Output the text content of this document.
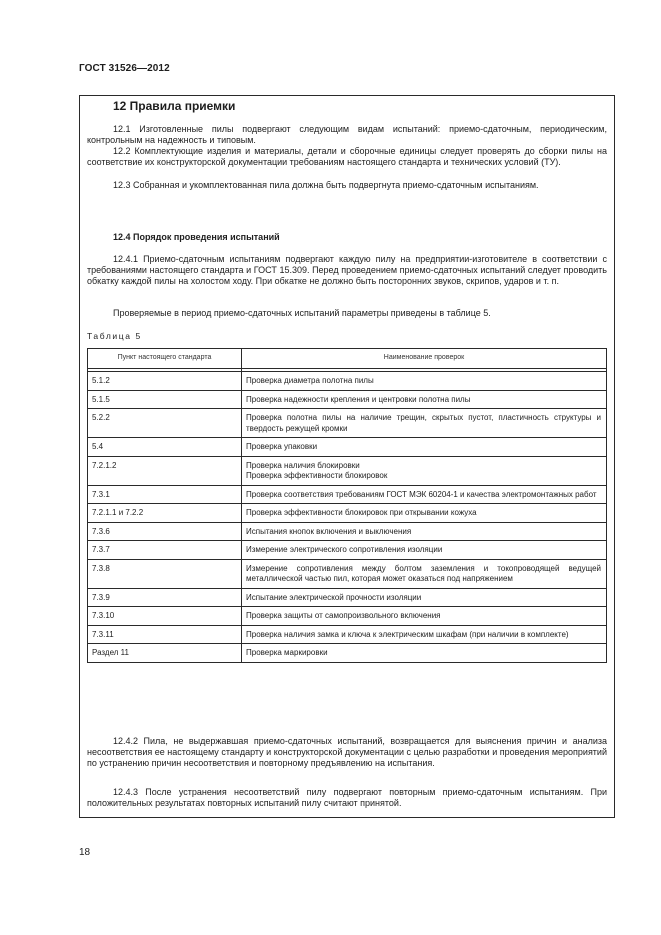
ГОСТ 31526—2012
12 Правила приемки

12.1 Изготовленные пилы подвергают следующим видам испытаний: приемо-сдаточным, периодическим, контрольным на надежность и типовым.

12.2 Комплектующие изделия и материалы, детали и сборочные единицы следует проверять до сборки пилы на соответствие их конструкторской документации требованиям настоящего стандарта и технических условий (ТУ).

12.3 Собранная и укомплектованная пила должна быть подвергнута приемо-сдаточным испытаниям.

12.4 Порядок проведения испытаний

12.4.1 Приемо-сдаточным испытаниям подвергают каждую пилу на предприятии-изготовителе в соответствии с требованиями настоящего стандарта и ГОСТ 15.309. Перед проведением приемо-сдаточных испытаний следует проводить обкатку каждой пилы на холостом ходу. При обкатке не должно быть посторонних звуков, скрипов, ударов и т. п.

Проверяемые в период приемо-сдаточных испытаний параметры приведены в таблице 5.

Таблица 5
Пункт настоящего стандарта	Наименование проверок

5.1.2	Проверка диаметра полотна пилы
5.1.5	Проверка надежности крепления и центровки полотна пилы
5.2.2	Проверка полотна пилы на наличие трещин, скрытых пустот, пластичность структуры и твердость режущей кромки
5.4	Проверка упаковки
7.2.1.2	Проверка наличия блокировки
Проверка эффективности блокировок
7.3.1	Проверка соответствия требованиям ГОСТ МЭК 60204-1 и качества электромонтажных работ
7.2.1.1 и 7.2.2	Проверка эффективности блокировок при открывании кожуха
7.3.6	Испытания кнопок включения и выключения
7.3.7	Измерение электрического сопротивления изоляции
7.3.8	Измерение сопротивления между болтом заземления и токопроводящей ведущей металлической частью пил, которая может оказаться под напряжением
7.3.9	Испытание электрической прочности изоляции
7.3.10	Проверка защиты от самопроизвольного включения
7.3.11	Проверка наличия замка и ключа к электрическим шкафам (при наличии в комплекте)
Раздел 11	Проверка маркировки

12.4.2 Пила, не выдержавшая приемо-сдаточных испытаний, возвращается для выяснения причин и анализа несоответствия ее настоящему стандарту и конструкторской документации с целью разработки и проведения мероприятий по устранению причин несоответствия и повторному предъявлению на испытания.

12.4.3 После устранения несоответствий пилу подвергают повторным приемо-сдаточным испытаниям. При положительных результатах повторных испытаний пилу считают принятой.

18
